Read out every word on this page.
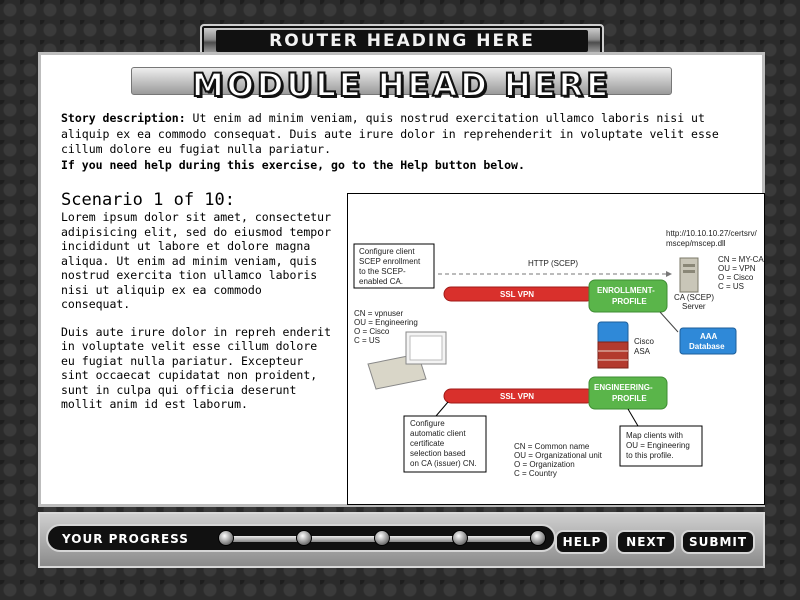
ROUTER HEADING HERE
MODULE HEAD HERE
Story description: Ut enim ad minim veniam, quis nostrud exercitation ullamco laboris nisi ut aliquip ex ea commodo consequat. Duis aute irure dolor in reprehenderit in voluptate velit esse cillum dolore eu fugiat nulla pariatur.
If you need help during this exercise, go to the Help button below.
Scenario 1 of 10:

Lorem ipsum dolor sit amet, consectetur adipisicing elit, sed do eiusmod tempor incididunt ut labore et dolore magna aliqua. Ut enim ad minim veniam, quis nostrud exercita tion ullamco laboris nisi ut aliquip ex ea commodo consequat.

Duis aute irure dolor in repreh enderit in voluptate velit esse cillum dolore eu fugiat nulla pariatur. Excepteur sint occaecat cupidatat non proident, sunt in culpa qui officia deserunt mollit anim id est laborum.

HTTP (SCEP)
Configure client
SCEP enrollment
to the SCEP-
enabled CA.
http://10.10.10.27/certsrv/
mscep/mscep.dll
CA (SCEP)
Server
CN = MY-CA
OU = VPN
O = Cisco
C = US
SSL VPN
SSL VPN
ENROLLMENT-
PROFILE
ENGINEERING-
PROFILE
Cisco
ASA
AAA
Database
CN = vpnuser
OU = Engineering
O = Cisco
C = US
Configure
automatic client
certificate
selection based
on CA (issuer) CN.
CN = Common name
OU = Organizational unit
O = Organization
C = Country
Map clients with
OU = Engineering
to this profile.
YOUR PROGRESS	HELP	NEXT	SUBMIT
